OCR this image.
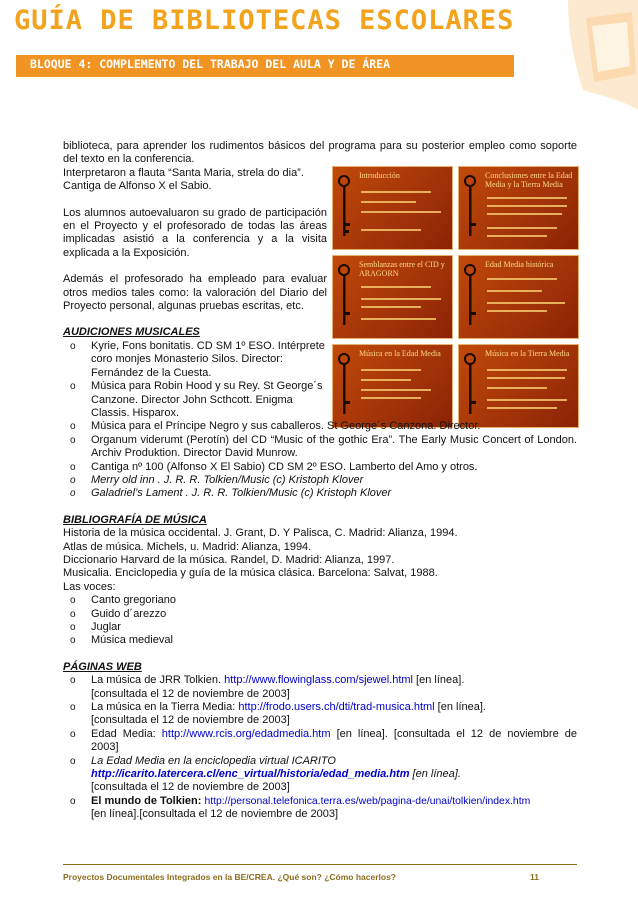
GUÍA DE BIBLIOTECAS ESCOLARES
BLOQUE 4: COMPLEMENTO DEL TRABAJO DEL AULA Y DE ÁREA
Introducción	Conclusiones entre la Edad Media y la Tierra Media
Semblanzas entre el CID y ARAGORN
Edad Media histórica
Música en la Edad Media	Música en la Tierra Media

biblioteca, para aprender los rudimentos básicos del programa para su posterior empleo como soporte del texto en la conferencia.

Interpretaron a flauta “Santa Maria, strela do dia”.

Cantiga de Alfonso X el Sabio.

Los alumnos autoevaluaron su grado de participación en el Proyecto y el profesorado de todas las áreas implicadas asistió a la conferencia y a la visita explicada a la Exposición.

Además el profesorado ha empleado para evaluar otros medios tales como: la valoración del Diario del Proyecto personal, algunas pruebas escritas, etc.

AUDICIONES MUSICALES

o Kyrie, Fons bonitatis. CD SM 1º ESO. Intérprete coro monjes Monasterio Silos. Director: Fernández de la Cuesta.
o Música para Robin Hood y su Rey. St George´s Canzone. Director John Scthcott. Enigma Classis. Hisparox.
o Música para el Príncipe Negro y sus caballeros. St George´s Canzona. Director.
o Organum viderumt (Perotín) del CD “Music of the gothic Era”. The Early Music Concert of London. Archiv Produktion. Director David Munrow.
o Cantiga nº 100 (Alfonso X El Sabio) CD SM 2º ESO. Lamberto del Amo y otros.
o Merry old inn . J. R. R. Tolkien/Music (c) Kristoph Klover
o Galadriel’s Lament . J. R. R. Tolkien/Music (c) Kristoph Klover

BIBLIOGRAFÍA DE MÚSICA

Historia de la música occidental. J. Grant, D. Y Palisca, C. Madrid: Alianza, 1994.

Atlas de música. Michels, u. Madrid: Alianza, 1994.

Diccionario Harvard de la música. Randel, D. Madrid: Alianza, 1997.

Musicalia. Enciclopedia y guía de la música clásica. Barcelona: Salvat, 1988.

Las voces:

o Canto gregoriano
o Guido d´arezzo
o Juglar
o Música medieval

PÁGINAS WEB

o La música de JRR Tolkien. http://www.flowinglass.com/sjewel.html [en línea].

[consultada el 12 de noviembre de 2003]

o La música en la Tierra Media: http://frodo.users.ch/dti/trad-musica.html [en línea].

[consultada el 12 de noviembre de 2003]

o Edad Media: http://www.rcis.org/edadmedia.htm [en línea]. [consultada el 12 de noviembre de 2003]
o La Edad Media en la enciclopedia virtual ICARITO
http://icarito.latercera.cl/enc_virtual/historia/edad_media.htm [en línea].

[consultada el 12 de noviembre de 2003]

o El mundo de Tolkien: http://personal.telefonica.terra.es/web/pagina-de/unai/tolkien/index.htm

[en línea].[consultada el 12 de noviembre de 2003]

Proyectos Documentales Integrados en la BE/CREA. ¿Qué son? ¿Cómo hacerlos?	11
